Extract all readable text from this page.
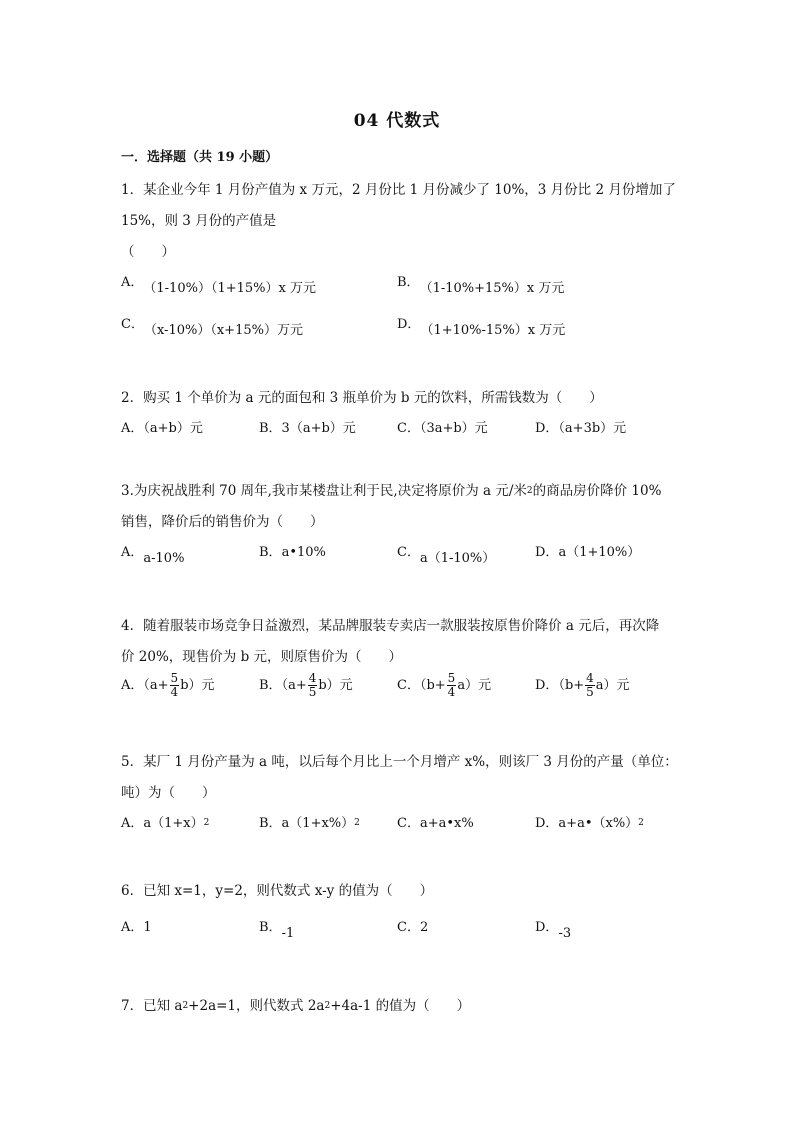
04 代数式
一．选择题（共 19 小题）
1．某企业今年 1 月份产值为 x 万元，2 月份比 1 月份减少了 10%，3 月份比 2 月份增加了
15%，则 3 月份的产值是
（　　）
A．（1-10%）（1+15%）x 万元	B．（1-10%+15%）x 万元
C．（x-10%）（x+15%）万元	D．（1+10%-15%）x 万元
2．购买 1 个单价为 a 元的面包和 3 瓶单价为 b 元的饮料，所需钱数为（　　）
A．（a+b）元	B．3（a+b）元	C．（3a+b）元	D．（a+3b）元
3.为庆祝战胜利 70 周年,我市某楼盘让利于民,决定将原价为 a 元/米$^2$的商品房价降价 10%
销售，降价后的销售价为（　　）
A．a-10%	B．a•10%	C．a（1-10%）	D．a（1+10%）
4．随着服装市场竞争日益激烈，某品牌服装专卖店一款服装按原售价降价 a 元后，再次降
价 20%，现售价为 b 元，则原售价为（　　）
A．$(a+ \frac{5}{4} b)$元	B．$(a+ \frac{4}{5} b)$元	C．$(b+ \frac{5}{4} a)$元	D．$(b+ \frac{4}{5} a)$元
5．某厂 1 月份产量为 a 吨，以后每个月比上一个月增产 x%，则该厂 3 月份的产量（单位：
吨）为（　　）
A．$a(1+x)^2$	B．$a(1+x\%)^2$	C．a+a•x%	D．$a+a•(x\%)^2$
6．已知 x=1，y=2，则代数式 x-y 的值为（　　）
A．1	B．-1	C．2	D．-3
7．已知 $a^2+2a=1$，则代数式 $2a^2+4a-1$ 的值为（　　）
